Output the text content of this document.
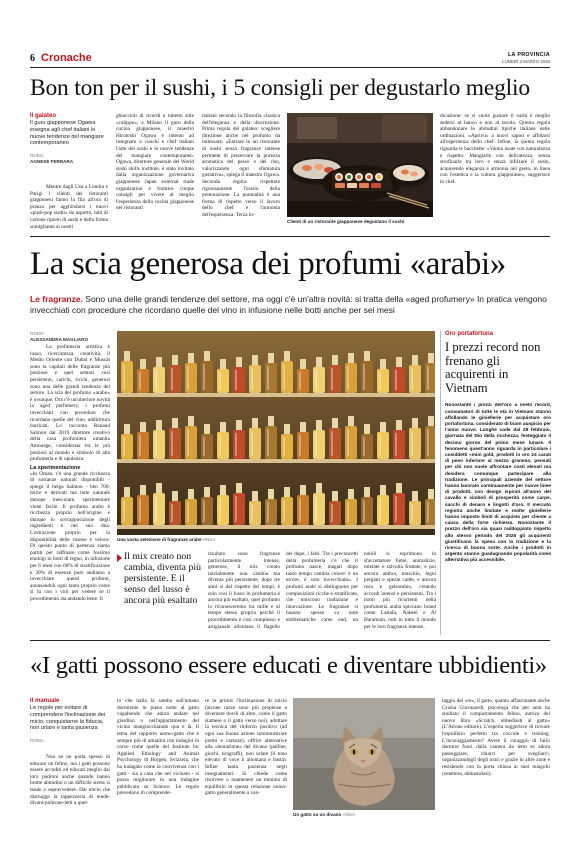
6 Cronache	LA PROVINCIA
LUNEDÌ 2 MARZO 2026
Bon ton per il sushi, i 5 consigli per degustarlo meglio
Il galateo
Il guru giapponese Ogawa insegna agli chef italiani le nuove tendenze del mangiare contemporaneo
ROMA
AGNESE FERRARA
Mentre dagli Usa a Londra e Parigi i clienti dei ristoranti giapponesi fanno la fila all'ora di pranzo per agghindarsi i nuovi «push-pop sushi» da asporto, tubi di cartone ripieni di sushi e della forma somigliante ai nostri
ghiaccioli di ricordi a tubetto stile «calippo», a Milano il guru della cucina giapponese, il maestro Hirotoshi Ogawa è intento ad insegnare a cuochi e chef italiani l'arte del sushi e le nuove tendenze del mangiare contemporaneo. Ogawa, direttore generale del World sushi skills institute, è stato invitato dalla organizzazione governativa giapponese Japan external trade organization e formice cinque consigli per vivere al meglio l'esperienza della cucina giapponese nei ristoranti
italiani secondo la filosofia classica dell'eleganza e della discrezione. Prima regola del galateo: scegliere direzione anche nel profumo da indossare. «Entrare in un ristorante di sushi senza fragranze intense permette di preservare la purezza aromatica del pesce e del riso, valorizzando ogni sfumatura gustativa», spiega il maestro Ogawa. Seconda regola: rispettare rigorosamente l'orario della prenotazione. La puntualità è una forma di rispetto verso il lavoro dello chef e l'armonia dell'esperienza. Terza in-
Clienti di un ristorante giapponese degustano il sushi
dicazione: se si vuole gustare il sushi è meglio sedersi al banco e non al tavolo. Questa regola abbandonare le abitudini tipiche italiane nelle ordinazioni. «Aprirsi» a nuovi sapori e affidarsi all'esperienza dello chef. Infine, la quinta regola riguarda le bacchette: «Vanno usate con naturalezza e rispetto. Mangiarle con delicatezza, senza strofinarle tra loro e senza infilzare il sushi, acquisendo eleganza e armonia nel gesto, in linea con l'estetica e la cultura giapponese», suggerisce lo chef.
La scia generosa dei profumi «arabi»
Le fragranze. Sono una delle grandi tendenze del settore, ma oggi c'è un'altra novità: si tratta della «aged profumery» In pratica vengono invecchiati con procedure che ricordano quelle del vino in infusione nelle botti anche per sei mesi
ROMA
ALESSANDRA MAGLIARO
La profumeria artistica è lusso, ricercatezza, creatività, il Medio Oriente con Dubai e Muscat sono la capitali delle fragranze più preziose e quei sentori così persistenti, carichi, ricchi, generosi sono una delle grandi tendenze del settore. La scia del profumo «arabo» è ovunque. Ora c'è un'ulteriore novità la aged perfumery, i profumi invecchiati con procedure che ricordano quelle del vino, addirittura barricati. Lo racconta Renaud Salmon dal 2019 direttore creativo della casa profumiera omanita Amouage, considerata tra le più preziosi al mondo e simbolo di alta profumeria e di opulenza.
La sperimentazione
«In Oman, c'è una grande ricchezza di sostanze naturali disponibili - spiega il belga Salmon - ben 700: mirre e derivati ma tutte naturale dunque mescolare, sperimentare viene facile. Il profumo arabo è ricchezza proprio nell'origine e dunque lo sovrapposizione degli ingredienti è nel suo dna. L'estrazione proprio per la disponibilità delle risorse è veloce. Di questo punto di partenza siamo partiti per raffinare come fossimo enologi in botti di legno, in infusione per 6 mesi con 60% di stratificazione e 30% di essenze pure andiamo a invecchiare questi profumi, annusandoli ogni tanto proprio come si fa con i vini per vedere se il procedimento sta andando bene. Il
Una vasta selezione di fragranze arabe ANSA
Il mix creato non cambia, diventa più persistente. E il senso del lusso è ancora più esaltato
risultato sono fragranze particolarmente intense, generose, il mix creato inizialmente non cambia ma diventa più persistente, dopo tre anni si dal rispetto dei tempi, è solo così il lusso in profumeria è ancora più esaltato, quel profumo lo riconosceremo tra mille e al tempo stesso proprio perché il procedimento è così complesso e artigianale allontana il flagello dei dupe, i falsi. Tra i preconcetti della profumeria c'è che il profumo nasce, magari dopo tanto tempo cambia colore: è un errore, è solo invecchiato». I profumi arabi si distinguono per composizioni ricche e stratificate, che uniscono tradizione e innovazione. Le fragranze si basano spesso su note emblematiche come oud, un
nobili si esprimono in sfaccettature fumé, animalizie, mielate e talvolta fruttate, e poi ancora ambra, muschio, legni pregiati e spezie calde, e ancora rosa e gelsomino, creando accordi intensi e persistenti. Tra i nomi più ricorrenti nella profumeria araba spiccano brand come Lattafa, Nabeel e Al Haramain, noti in tutto il mondo per le loro fragranze intense.
Oro portafortuna
I prezzi record non frenano gli acquirenti in Vietnam
Nonostante i prezzi dell'oro a livelli record, consumatori di tutte le età in Vietnam stanno affollando le gioiellerie per acquistare oro portafortuna, considerato di buon auspicio per l'anno nuovo. Lunghe code dal 28 febbraio, giornata del Dio della ricchezza, festeggiato il decimo giorno del primo mese lunare. Il fenomeno quest'anno riguarda in particolare i cosiddetti «mini gold, prodotti in oro 24 carati di peso inferiore al mezzo grammo, pensati per chi non vuole affrontare costi elevati ma desidera comunque partecipare alla tradizione. Le principali aziende del settore hanno lavorato continuamente per nuove linee di prodotti, con design ispirati all'anno del cavallo e simboli di prosperità come carpe, sacchi di denaro e lingotti d'oro. Il mercato registra anche limitate e molte gioiellerie hanno imposto limiti di acquisto per cliente a causa della forte richiesta. Nonostante il prezzo dell'oro sia quasi raddoppiato rispetto allo stesso periodo del 2025 gli acquirenti giustificano la spesa con la tradizione e la ricerca di buona sorte. Anche i prodotti in argento stanno guadagnando popolarità come alternativa più accessibile.
«I gatti possono essere educati e diventare ubbidienti»
Il manuale
Le regole per evitare di comprendere l'inclinazione dei micio, conquistarne la fiducia, non urlare e tanta pazienza
ROMA
Non se ne parla spesso di educare un felino, ma i gatti possono essere accuditi ed educati meglio dai loro padroni anche quando hanno brutte abitudini o un difficile stress si tende a sopravvedere. Dai micio che distrugge la tappezzeria di tende-divani-poltrone-letti a quel-
lo che balla la samba sull'umano dormiente in piena notte al gatto vagabondo che adora andare nel giardino o nell'appartamento del vicino mangiucchiando qua e là. Il tema del rapporto uomo-gatto che è sempre più di attualità con indagini in corso come quelle del Institute for Applied Ethology and Animal Psychology di Horgen, Svizzera, che ha indagato come la convivenza con i gatti - sia a casa che nel vicinato - si possa migliorare in una indagine pubblicata su Science. Le regole prevedono di comprende-
re in primis l'inclinazione di micio (alcune razze sono più propense a diventare docili di altre, come il gatto siamese o il gatto verso noi), adottare la tecnica del rinforzo positivo (ad ogni sua buona azione somministrare premi e carezze), offrire alternative alla «tentazione» del divano (palline, giochi, tiragraffi), non urlare (il tono elevato di voce li allontana e basta). Infine tanta pazienza negli insegnamenti. Si chiede come risolvere o mantenere un minimo di equilibrio in questa relazione uomo-gatto generalmente a van-
Un gatto su un divano ANSA
taggio del «re», il gatto, quanto affascinante anche Grazia Giovanardi, psicologa che per anni ha studiato il comportamento felino, autrice del nuovo libro «Scratch, obbediasti al gatto» (L'Airone editore). L'esperta suggerisce di trovare l'equilibrio perfetto tra coccole e training. L'incoraggiamento? Avere il coraggio di farlo dormire fuori dalla camera da letto se adora passeggiare, chiarci per svegliarci, organizzandogli degli orari e grazie in altre zone e resistendo con la porta chiusa ai suoi miagolii (smettera, abituandosi).
